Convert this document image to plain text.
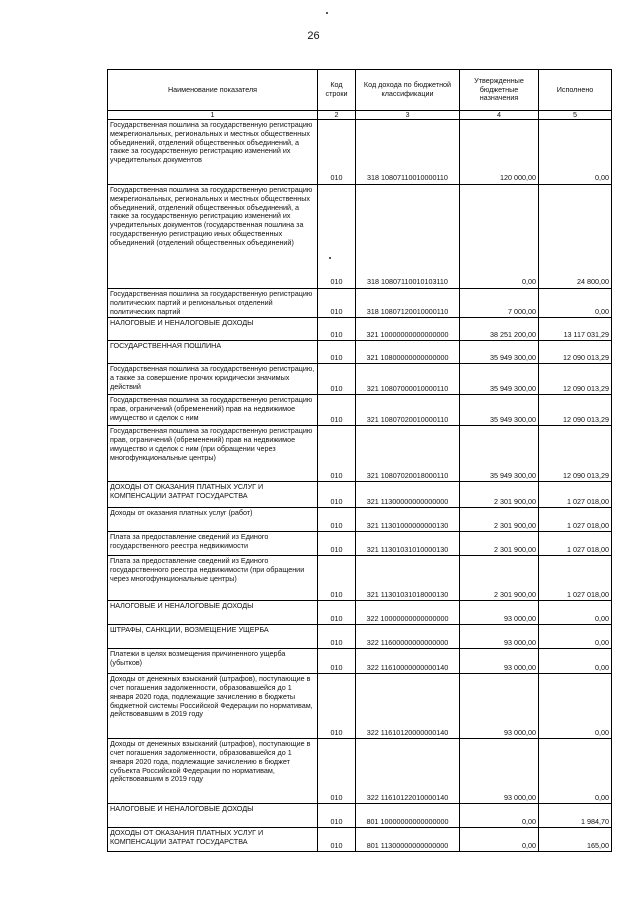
26
Наименование показателя	Код строки	Код дохода по бюджетной классификации	Утвержденные бюджетные назначения	Исполнено
1	2	3	4	5
Государственная пошлина за государственную регистрацию межрегиональных, региональных и местных общественных объединений, отделений общественных объединений, а также за государственную регистрацию изменений их учредительных документов	010	318 10807110010000110	120 000,00	0,00
Государственная пошлина за государственную регистрацию межрегиональных, региональных и местных общественных объединений, отделений общественных объединений, а также за государственную регистрацию изменений их учредительных документов (государственная пошлина за государственную регистрацию иных общественных объединений (отделений общественных объединений)	010	318 10807110010103110	0,00	24 800,00
Государственная пошлина за государственную регистрацию политических партий и региональных отделений политических партий	010	318 10807120010000110	7 000,00	0,00
НАЛОГОВЫЕ И НЕНАЛОГОВЫЕ ДОХОДЫ	010	321 10000000000000000	38 251 200,00	13 117 031,29
ГОСУДАРСТВЕННАЯ ПОШЛИНА	010	321 10800000000000000	35 949 300,00	12 090 013,29
Государственная пошлина за государственную регистрацию, а также за совершение прочих юридически значимых действий	010	321 10807000010000110	35 949 300,00	12 090 013,29
Государственная пошлина за государственную регистрацию прав, ограничений (обременений) прав на недвижимое имущество и сделок с ним	010	321 10807020010000110	35 949 300,00	12 090 013,29
Государственная пошлина за государственную регистрацию прав, ограничений (обременений) прав на недвижимое имущество и сделок с ним (при обращении через многофункциональные центры)	010	321 10807020018000110	35 949 300,00	12 090 013,29
ДОХОДЫ ОТ ОКАЗАНИЯ ПЛАТНЫХ УСЛУГ И КОМПЕНСАЦИИ ЗАТРАТ ГОСУДАРСТВА	010	321 11300000000000000	2 301 900,00	1 027 018,00
Доходы от оказания платных услуг (работ)	010	321 11301000000000130	2 301 900,00	1 027 018,00
Плата за предоставление сведений из Единого государственного реестра недвижимости	010	321 11301031010000130	2 301 900,00	1 027 018,00
Плата за предоставление сведений из Единого государственного реестра недвижимости (при обращении через многофункциональные центры)	010	321 11301031018000130	2 301 900,00	1 027 018,00
НАЛОГОВЫЕ И НЕНАЛОГОВЫЕ ДОХОДЫ	010	322 10000000000000000	93 000,00	0,00
ШТРАФЫ, САНКЦИИ, ВОЗМЕЩЕНИЕ УЩЕРБА	010	322 11600000000000000	93 000,00	0,00
Платежи в целях возмещения причиненного ущерба (убытков)	010	322 11610000000000140	93 000,00	0,00
Доходы от денежных взысканий (штрафов), поступающие в счет погашения задолженности, образовавшейся до 1 января 2020 года, подлежащие зачислению в бюджеты бюджетной системы Российской Федерации по нормативам, действовавшим в 2019 году	010	322 11610120000000140	93 000,00	0,00
Доходы от денежных взысканий (штрафов), поступающие в счет погашения задолженности, образовавшейся до 1 января 2020 года, подлежащие зачислению в бюджет субъекта Российской Федерации по нормативам, действовавшим в 2019 году	010	322 11610122010000140	93 000,00	0,00
НАЛОГОВЫЕ И НЕНАЛОГОВЫЕ ДОХОДЫ	010	801 10000000000000000	0,00	1 984,70
ДОХОДЫ ОТ ОКАЗАНИЯ ПЛАТНЫХ УСЛУГ И КОМПЕНСАЦИИ ЗАТРАТ ГОСУДАРСТВА	010	801 11300000000000000	0,00	165,00
